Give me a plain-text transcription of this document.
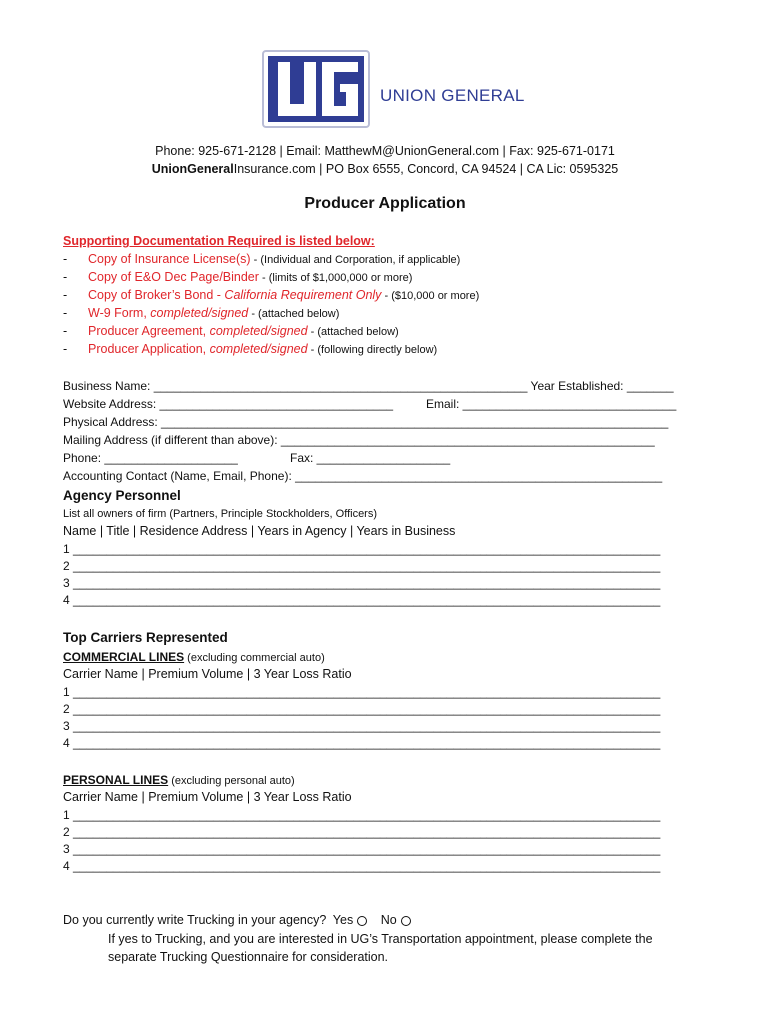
UNION GENERAL
Phone: 925-671-2128 | Email: MatthewM@UnionGeneral.com | Fax: 925-671-0171
UnionGeneralInsurance.com | PO Box 6555, Concord, CA 94524 | CA Lic: 0595325
Producer Application
Supporting Documentation Required is listed below:
- Copy of Insurance License(s) - (Individual and Corporation, if applicable)
- Copy of E&O Dec Page/Binder - (limits of $1,000,000 or more)
- Copy of Broker’s Bond - California Requirement Only - ($10,000 or more)
- W-9 Form, completed/signed - (attached below)
- Producer Agreement, completed/signed - (attached below)
- Producer Application, completed/signed - (following directly below)
Business Name: ________________________________________________________ Year Established: _______
Website Address: ___________________________________	Email: ________________________________
Physical Address: ____________________________________________________________________________
Mailing Address (if different than above): ________________________________________________________
Phone: ____________________	Fax: ____________________
Accounting Contact (Name, Email, Phone): _______________________________________________________
Agency Personnel
List all owners of firm (Partners, Principle Stockholders, Officers)
Name | Title | Residence Address | Years in Agency | Years in Business
1 ________________________________________________________________________________________
2 ________________________________________________________________________________________
3 ________________________________________________________________________________________
4 ________________________________________________________________________________________
Top Carriers Represented
COMMERCIAL LINES (excluding commercial auto)
Carrier Name | Premium Volume | 3 Year Loss Ratio
1 ________________________________________________________________________________________
2 ________________________________________________________________________________________
3 ________________________________________________________________________________________
4 ________________________________________________________________________________________
PERSONAL LINES (excluding personal auto)
Carrier Name | Premium Volume | 3 Year Loss Ratio
1 ________________________________________________________________________________________
2 ________________________________________________________________________________________
3 ________________________________________________________________________________________
4 ________________________________________________________________________________________
Do you currently write Trucking in your agency? Yes No
If yes to Trucking, and you are interested in UG’s Transportation appointment, please complete the
separate Trucking Questionnaire for consideration.
